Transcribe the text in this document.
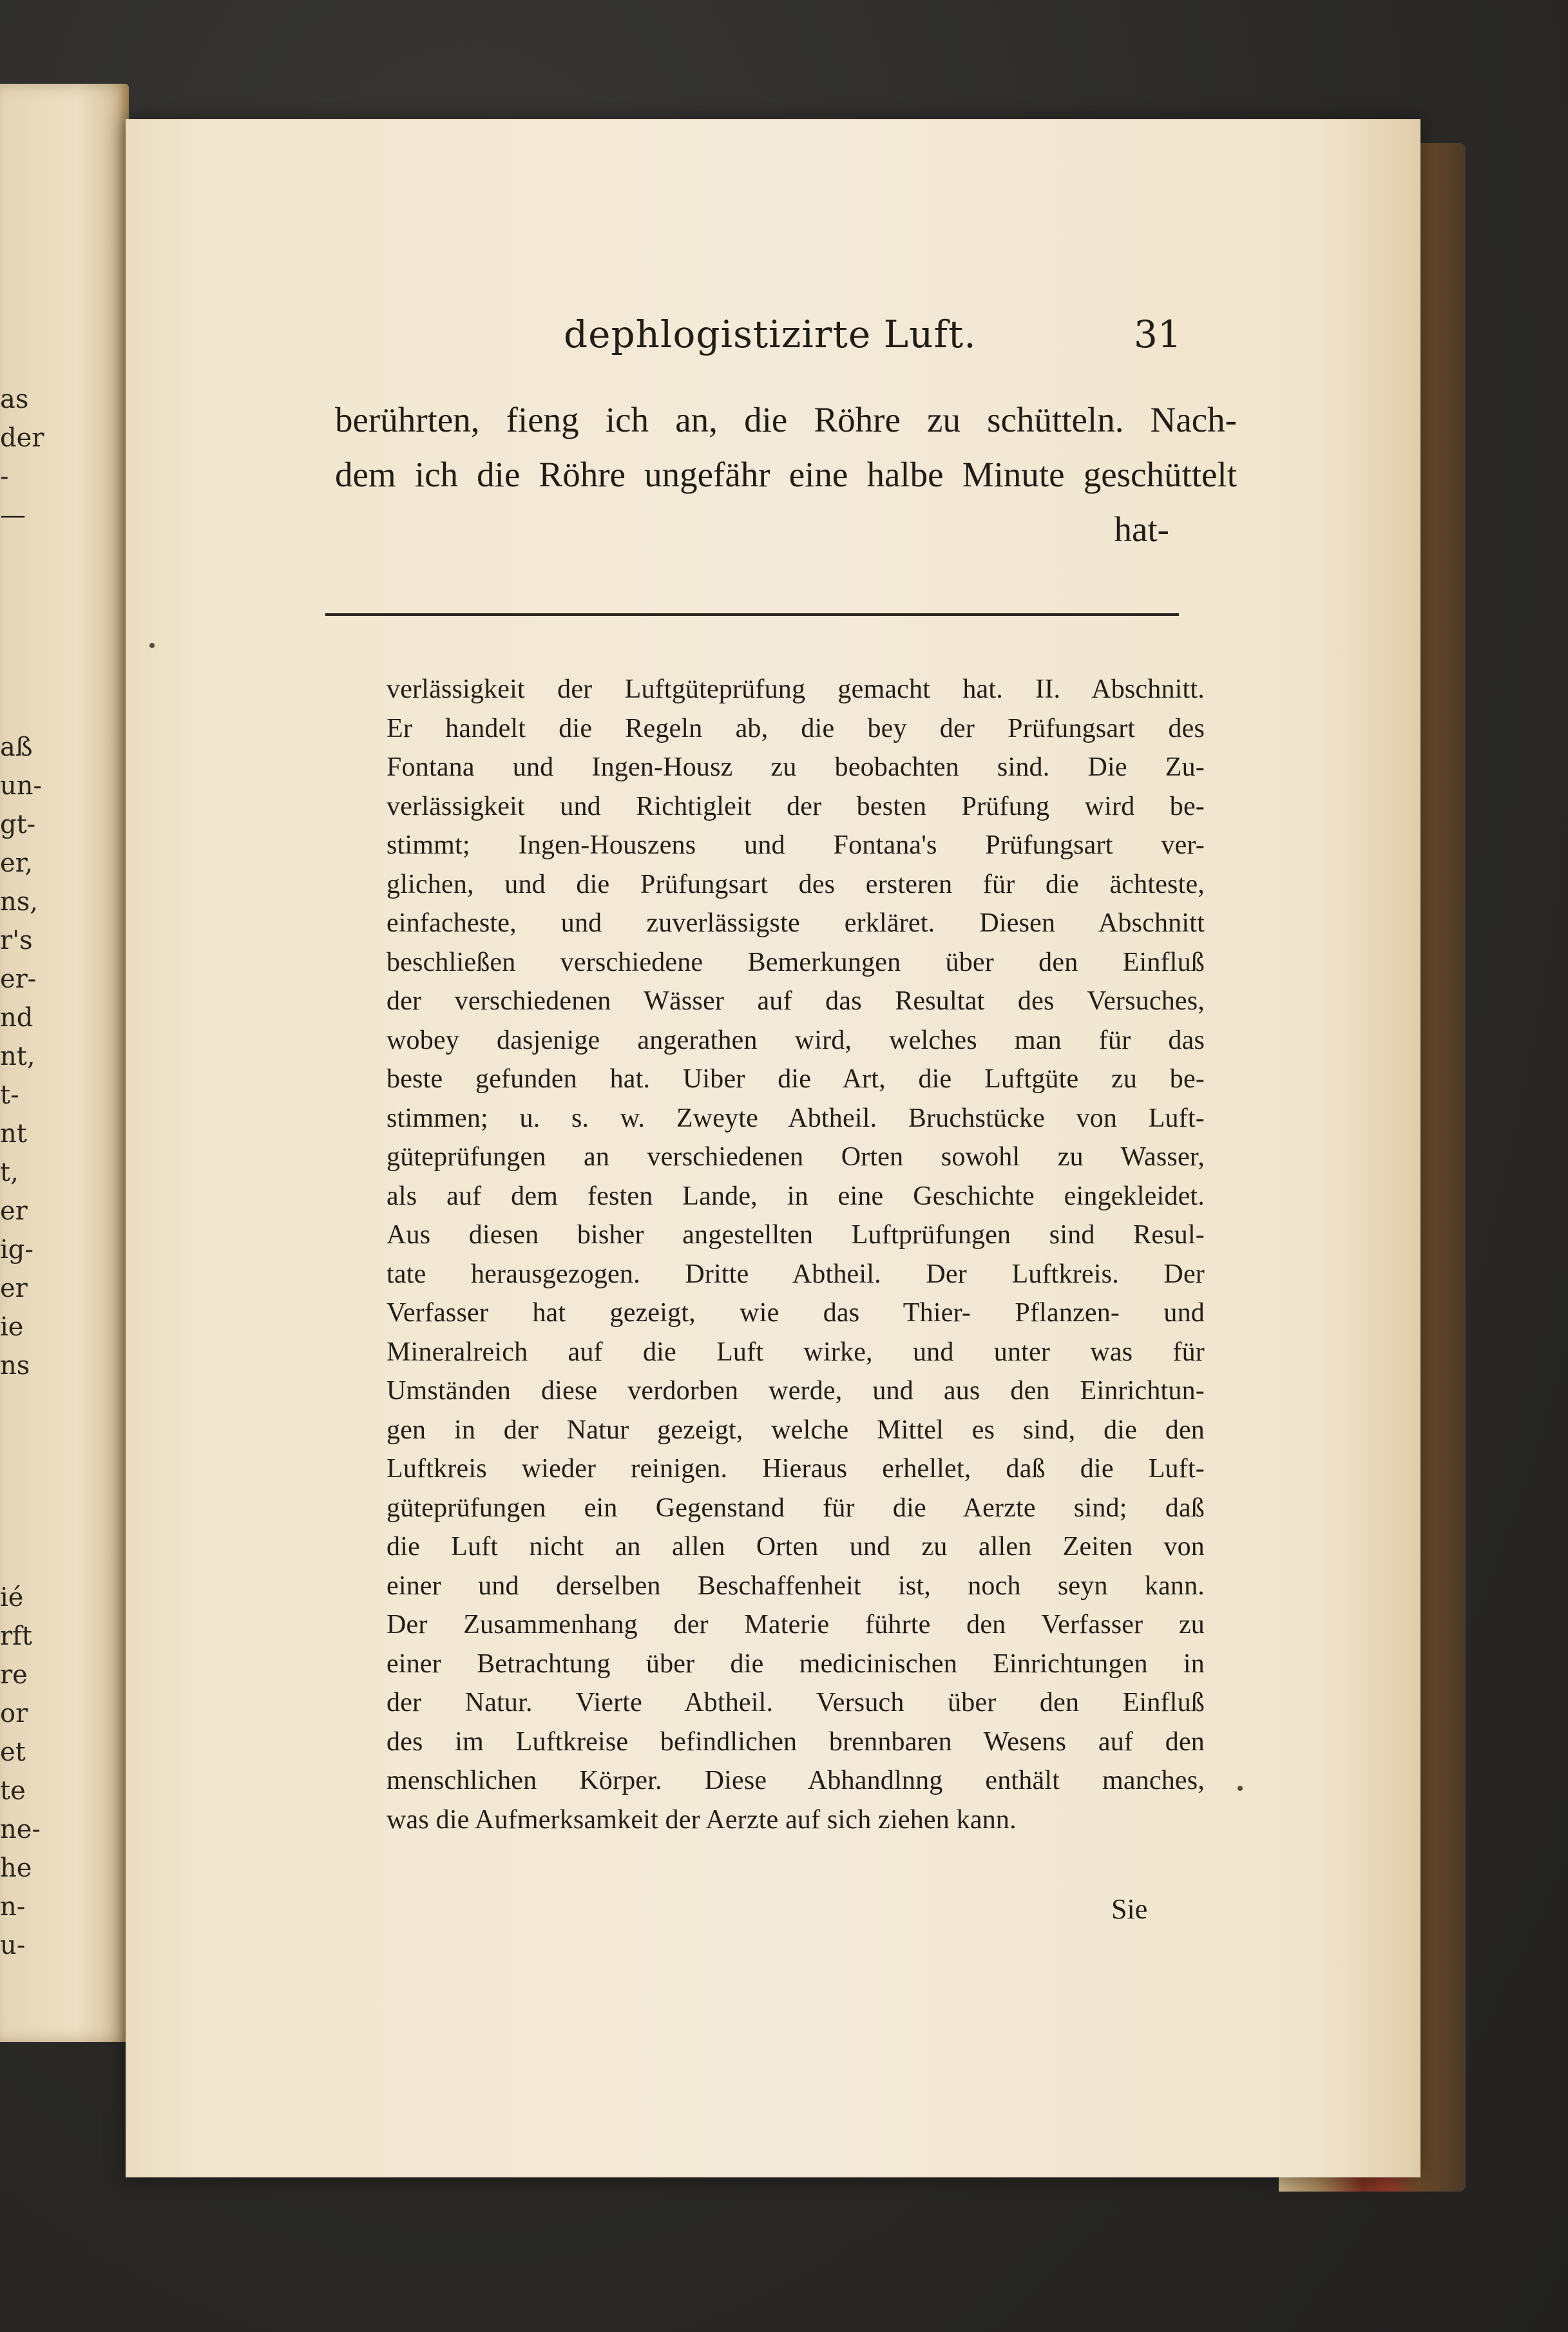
as
der
-
—
aß
un-
gt-
er,
ns,
r's
er-
nd
nt,
t-
nt
t,
er
ig-
er
ie
ns
ié
rft
re
or
et
te
ne-
he
n-
u-
dephlogistizirte Luft.	31

berührten, fieng ich an, die Röhre zu schütteln. Nach-

dem ich die Röhre ungefähr eine halbe Minute geschüttelt

hat-

verlässigkeit der Luftgüteprüfung gemacht hat. II. Abschnitt.
Er handelt die Regeln ab, die bey der Prüfungsart des
Fontana und Ingen-Housz zu beobachten sind. Die Zu-
verlässigkeit und Richtigleit der besten Prüfung wird be-
stimmt; Ingen-Houszens und Fontana's Prüfungsart ver-
glichen, und die Prüfungsart des ersteren für die ächteste,
einfacheste, und zuverlässigste erkläret. Diesen Abschnitt
beschließen verschiedene Bemerkungen über den Einfluß
der verschiedenen Wässer auf das Resultat des Versuches,
wobey dasjenige angerathen wird, welches man für das
beste gefunden hat. Uiber die Art, die Luftgüte zu be-
stimmen; u. s. w. Zweyte Abtheil. Bruchstücke von Luft-
güteprüfungen an verschiedenen Orten sowohl zu Wasser,
als auf dem festen Lande, in eine Geschichte eingekleidet.
Aus diesen bisher angestellten Luftprüfungen sind Resul-
tate herausgezogen. Dritte Abtheil. Der Luftkreis. Der
Verfasser hat gezeigt, wie das Thier- Pflanzen- und
Mineralreich auf die Luft wirke, und unter was für
Umständen diese verdorben werde, und aus den Einrichtun-
gen in der Natur gezeigt, welche Mittel es sind, die den
Luftkreis wieder reinigen. Hieraus erhellet, daß die Luft-
güteprüfungen ein Gegenstand für die Aerzte sind; daß
die Luft nicht an allen Orten und zu allen Zeiten von
einer und derselben Beschaffenheit ist, noch seyn kann.
Der Zusammenhang der Materie führte den Verfasser zu
einer Betrachtung über die medicinischen Einrichtungen in
der Natur. Vierte Abtheil. Versuch über den Einfluß
des im Luftkreise befindlichen brennbaren Wesens auf den
menschlichen Körper. Diese Abhandlnng enthält manches,
was die Aufmerksamkeit der Aerzte auf sich ziehen kann.
Sie
